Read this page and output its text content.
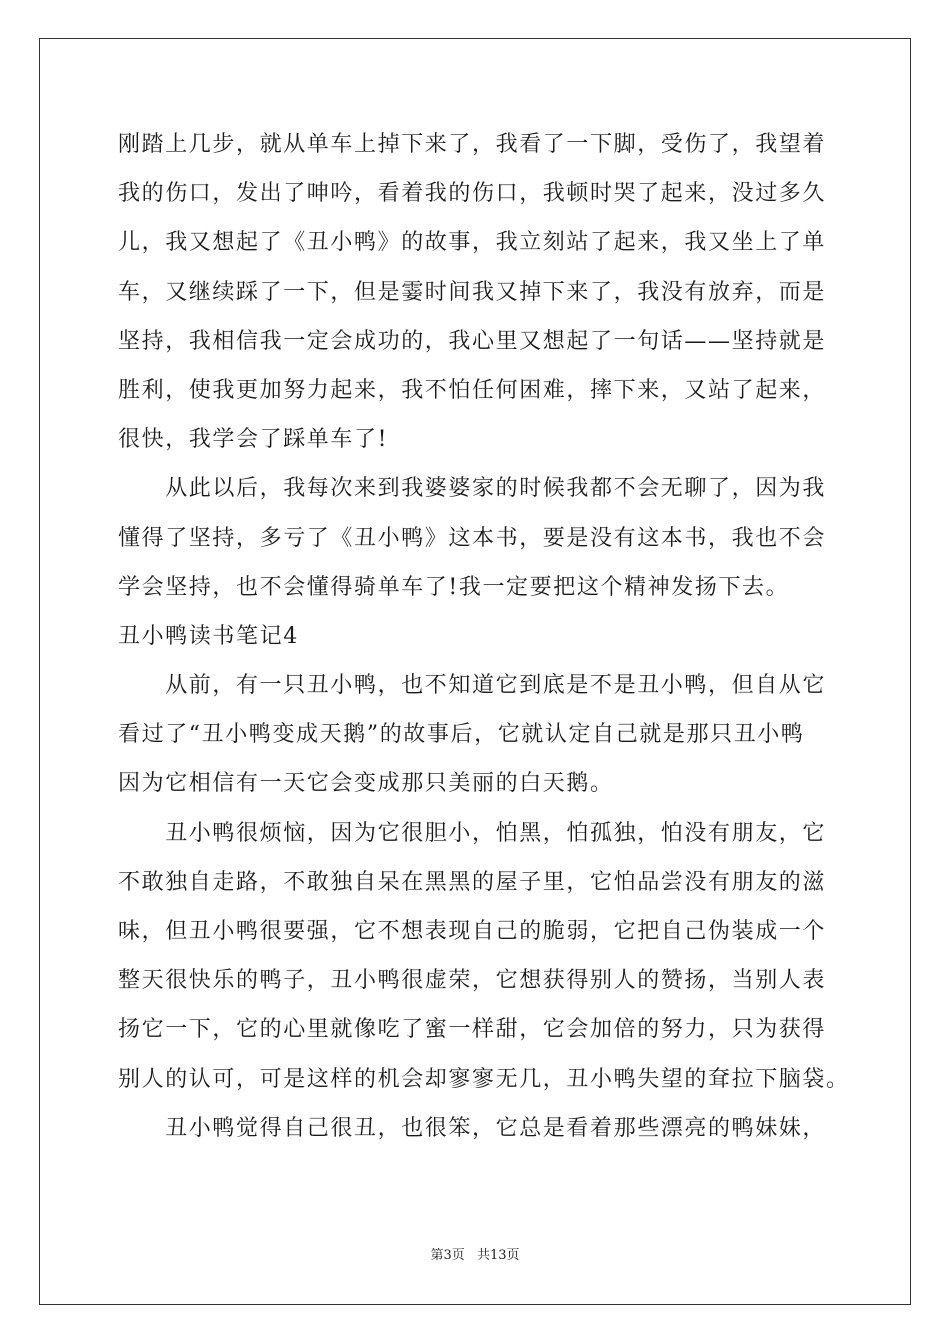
刚踏上几步，就从单车上掉下来了，我看了一下脚，受伤了，我望着
我的伤口，发出了呻吟，看着我的伤口，我顿时哭了起来，没过多久
儿，我又想起了《丑小鸭》的故事，我立刻站了起来，我又坐上了单
车，又继续踩了一下，但是霎时间我又掉下来了，我没有放弃，而是
坚持，我相信我一定会成功的，我心里又想起了一句话——坚持就是
胜利，使我更加努力起来，我不怕任何困难，摔下来，又站了起来，
很快，我学会了踩单车了!
　　从此以后，我每次来到我婆婆家的时候我都不会无聊了，因为我
懂得了坚持，多亏了《丑小鸭》这本书，要是没有这本书，我也不会
学会坚持，也不会懂得骑单车了!我一定要把这个精神发扬下去。
丑小鸭读书笔记4
　　从前，有一只丑小鸭，也不知道它到底是不是丑小鸭，但自从它
看过了“丑小鸭变成天鹅”的故事后，它就认定自己就是那只丑小鸭
因为它相信有一天它会变成那只美丽的白天鹅。
　　丑小鸭很烦恼，因为它很胆小，怕黑，怕孤独，怕没有朋友，它
不敢独自走路，不敢独自呆在黑黑的屋子里，它怕品尝没有朋友的滋
味，但丑小鸭很要强，它不想表现自己的脆弱，它把自己伪装成一个
整天很快乐的鸭子，丑小鸭很虚荣，它想获得别人的赞扬，当别人表
扬它一下，它的心里就像吃了蜜一样甜，它会加倍的努力，只为获得
别人的认可，可是这样的机会却寥寥无几，丑小鸭失望的耷拉下脑袋。
　　丑小鸭觉得自己很丑，也很笨，它总是看着那些漂亮的鸭妹妹，
第3页 共13页
